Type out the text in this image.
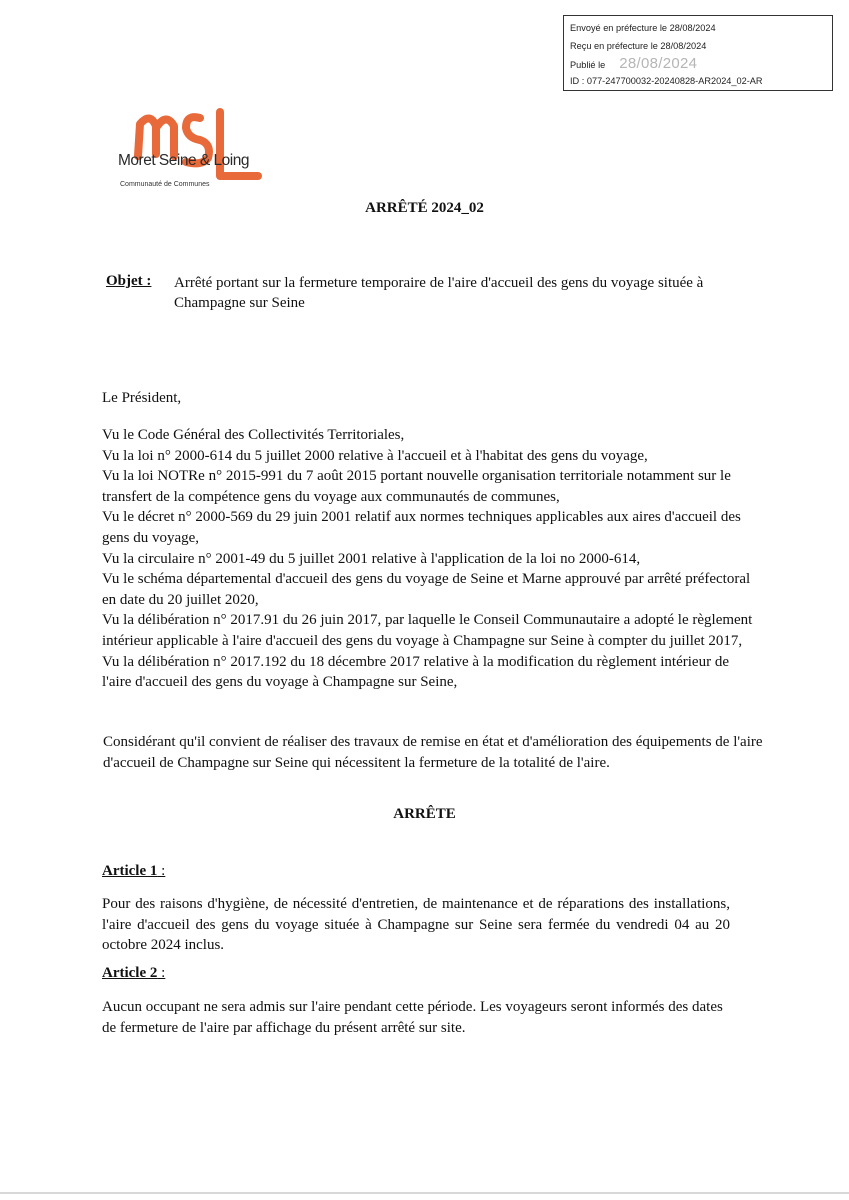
Envoyé en préfecture le 28/08/2024
Reçu en préfecture le 28/08/2024
Publié le 28/08/2024
ID : 077-247700032-20240828-AR2024_02-AR
Moret Seine & Loing
Communauté de Communes
ARRÊTÉ 2024_02
Objet : Arrêté portant sur la fermeture temporaire de l'aire d'accueil des gens du voyage située à Champagne sur Seine
Le Président,
Vu le Code Général des Collectivités Territoriales,
Vu la loi n° 2000-614 du 5 juillet 2000 relative à l'accueil et à l'habitat des gens du voyage,
Vu la loi NOTRe n° 2015-991 du 7 août 2015 portant nouvelle organisation territoriale notamment sur le transfert de la compétence gens du voyage aux communautés de communes,
Vu le décret n° 2000-569 du 29 juin 2001 relatif aux normes techniques applicables aux aires d'accueil des gens du voyage,
Vu la circulaire n° 2001-49 du 5 juillet 2001 relative à l'application de la loi no 2000-614,
Vu le schéma départemental d'accueil des gens du voyage de Seine et Marne approuvé par arrêté préfectoral en date du 20 juillet 2020,
Vu la délibération n° 2017.91 du 26 juin 2017, par laquelle le Conseil Communautaire a adopté le règlement intérieur applicable à l'aire d'accueil des gens du voyage à Champagne sur Seine à compter du juillet 2017,
Vu la délibération n° 2017.192 du 18 décembre 2017 relative à la modification du règlement intérieur de l'aire d'accueil des gens du voyage à Champagne sur Seine,
Considérant qu'il convient de réaliser des travaux de remise en état et d'amélioration des équipements de l'aire d'accueil de Champagne sur Seine qui nécessitent la fermeture de la totalité de l'aire.
ARRÊTE
Article 1 :
Pour des raisons d'hygiène, de nécessité d'entretien, de maintenance et de réparations des installations, l'aire d'accueil des gens du voyage située à Champagne sur Seine sera fermée du vendredi 04 au 20 octobre 2024 inclus.
Article 2 :
Aucun occupant ne sera admis sur l'aire pendant cette période. Les voyageurs seront informés des dates de fermeture de l'aire par affichage du présent arrêté sur site.
